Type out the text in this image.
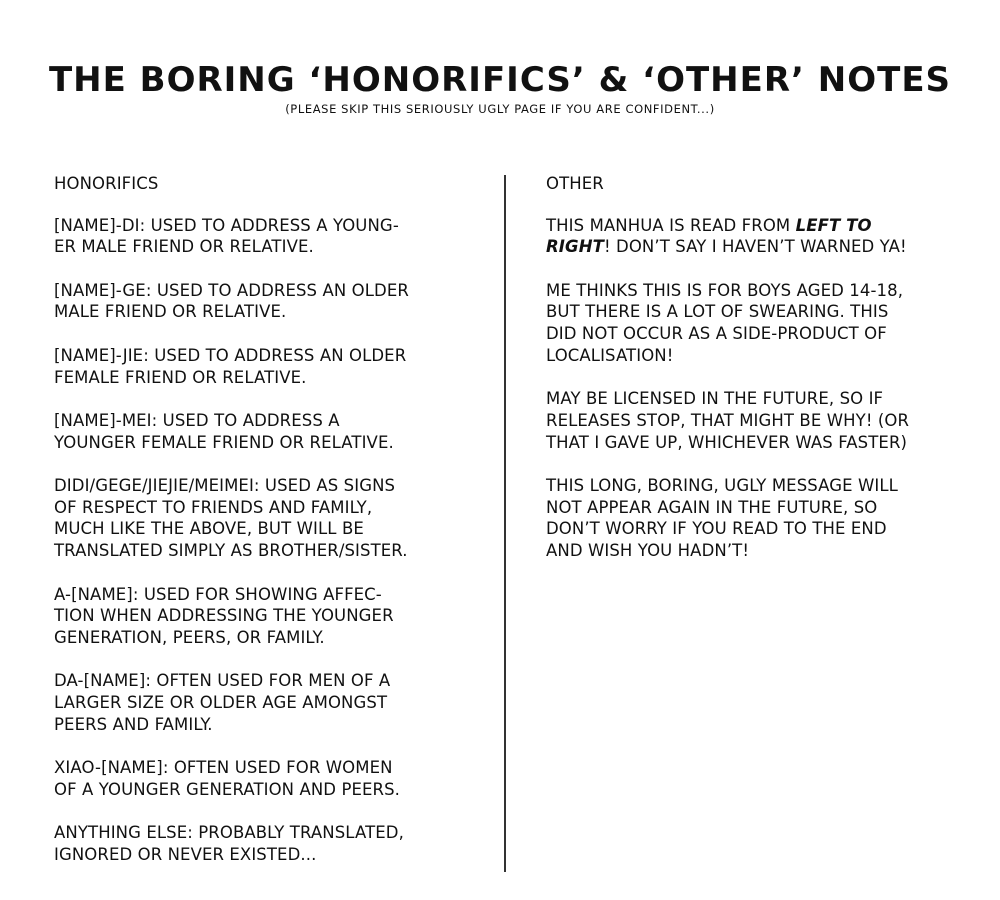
THE BORING ‘HONORIFICS’ & ‘OTHER’ NOTES
(PLEASE SKIP THIS SERIOUSLY UGLY PAGE IF YOU ARE CONFIDENT...)
HONORIFICS
[NAME]-DI: USED TO ADDRESS A YOUNG-
ER MALE FRIEND OR RELATIVE.
[NAME]-GE: USED TO ADDRESS AN OLDER
MALE FRIEND OR RELATIVE.
[NAME]-JIE: USED TO ADDRESS AN OLDER
FEMALE FRIEND OR RELATIVE.
[NAME]-MEI: USED TO ADDRESS A
YOUNGER FEMALE FRIEND OR RELATIVE.
DIDI/GEGE/JIEJIE/MEIMEI: USED AS SIGNS
OF RESPECT TO FRIENDS AND FAMILY,
MUCH LIKE THE ABOVE, BUT WILL BE
TRANSLATED SIMPLY AS BROTHER/SISTER.
A-[NAME]: USED FOR SHOWING AFFEC-
TION WHEN ADDRESSING THE YOUNGER
GENERATION, PEERS, OR FAMILY.
DA-[NAME]: OFTEN USED FOR MEN OF A
LARGER SIZE OR OLDER AGE AMONGST
PEERS AND FAMILY.
XIAO-[NAME]: OFTEN USED FOR WOMEN
OF A YOUNGER GENERATION AND PEERS.
ANYTHING ELSE: PROBABLY TRANSLATED,
IGNORED OR NEVER EXISTED...
OTHER
THIS MANHUA IS READ FROM LEFT TO
RIGHT! DON’T SAY I HAVEN’T WARNED YA!
ME THINKS THIS IS FOR BOYS AGED 14-18,
BUT THERE IS A LOT OF SWEARING. THIS
DID NOT OCCUR AS A SIDE-PRODUCT OF
LOCALISATION!
MAY BE LICENSED IN THE FUTURE, SO IF
RELEASES STOP, THAT MIGHT BE WHY! (OR
THAT I GAVE UP, WHICHEVER WAS FASTER)
THIS LONG, BORING, UGLY MESSAGE WILL
NOT APPEAR AGAIN IN THE FUTURE, SO
DON’T WORRY IF YOU READ TO THE END
AND WISH YOU HADN’T!
